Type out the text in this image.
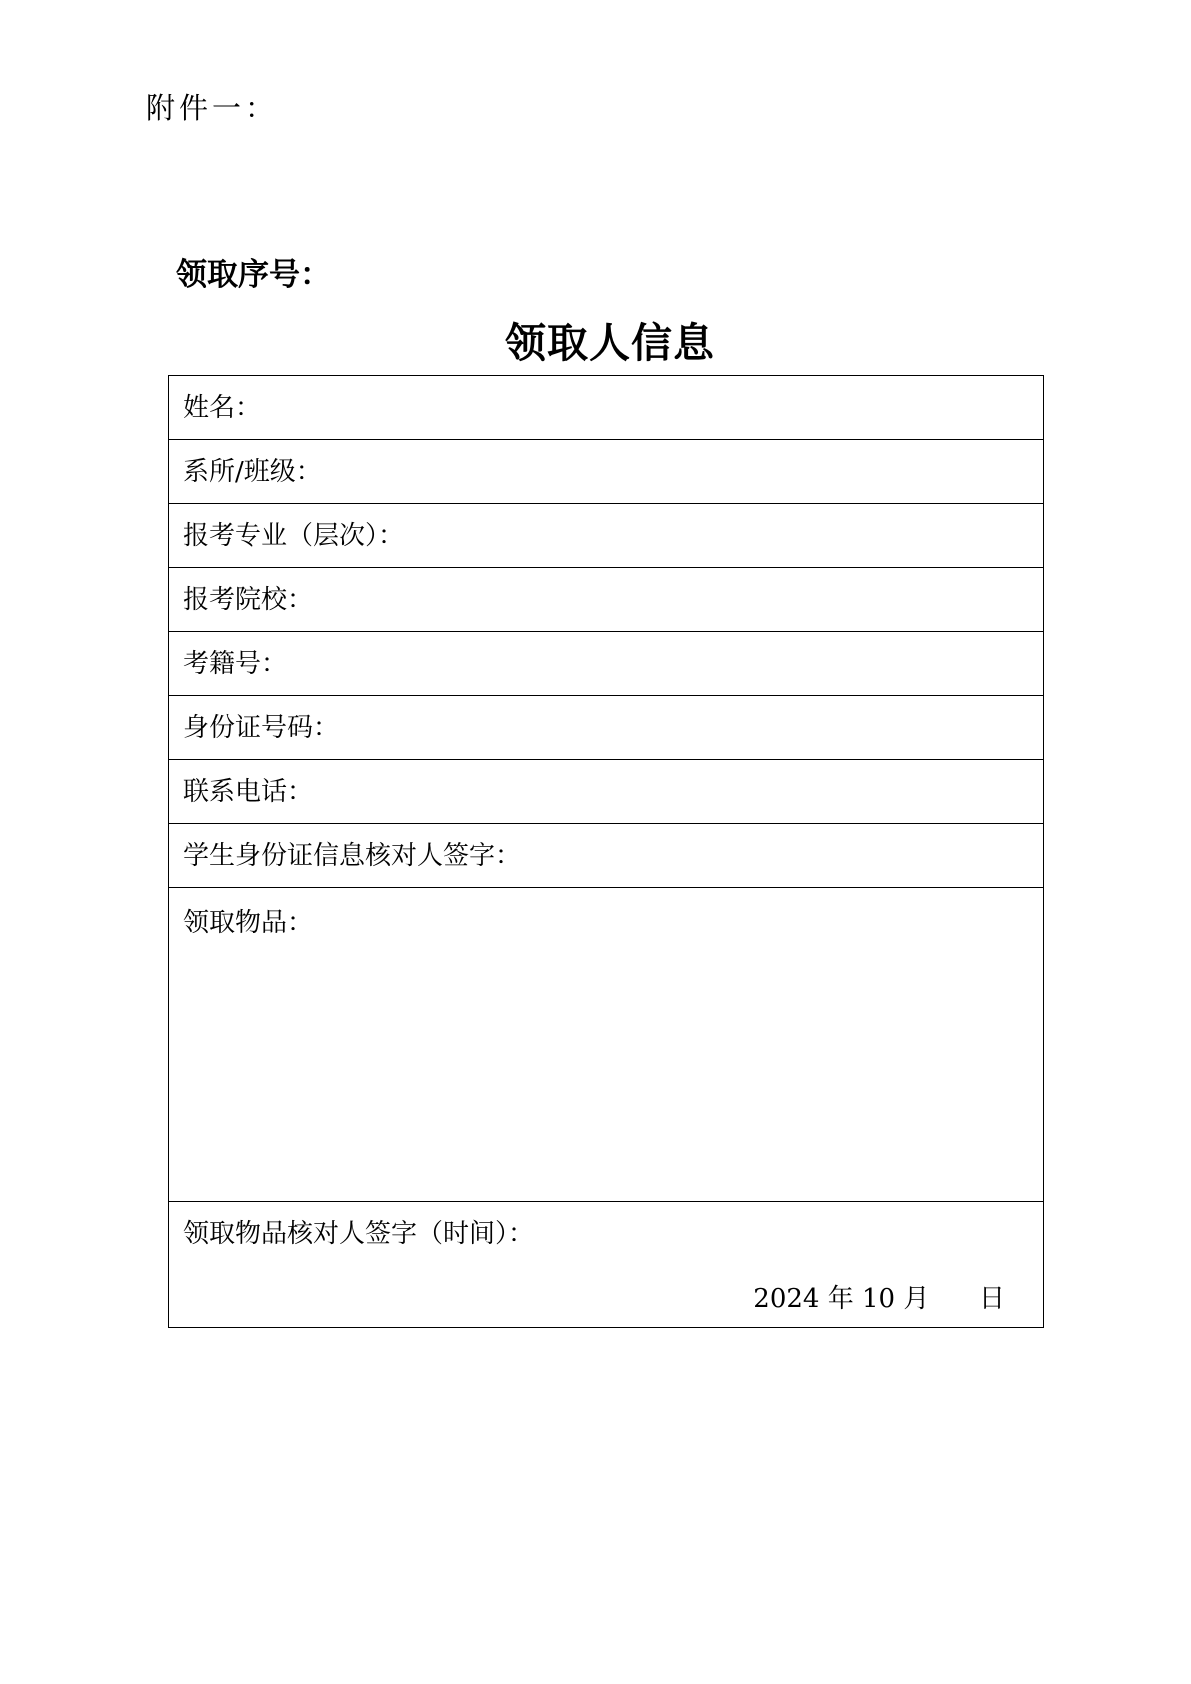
附件一：
领取序号：
领取人信息
姓名：
系所/班级：
报考专业（层次）：
报考院校：
考籍号：
身份证号码：
联系电话：
学生身份证信息核对人签字：
领取物品：
领取物品核对人签字（时间）：
2024 年 10 月 日
